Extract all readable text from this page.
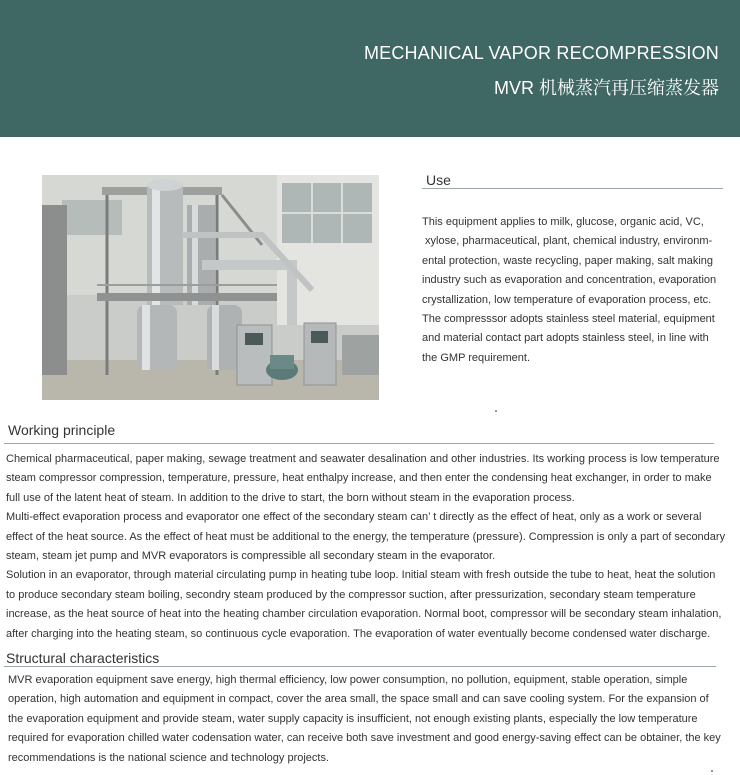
MECHANICAL VAPOR RECOMPRESSION
MVR 机械蒸汽再压缩蒸发器
Use
This equipment applies to milk, glucose, organic acid, VC,
xylose, pharmaceutical, plant, chemical industry, environm-
ental protection, waste recycling, paper making, salt making
industry such as evaporation and concentration, evaporation
crystallization, low temperature of evaporation process, etc.
The compresssor adopts stainless steel material, equipment
and material contact part adopts stainless steel, in line with
the GMP requirement.
Working principle
Chemical pharmaceutical, paper making, sewage treatment and seawater desalination and other industries. Its working process is low temperature
steam compressor compression, temperature, pressure, heat enthalpy increase, and then enter the condensing heat exchanger, in order to make
full use of the latent heat of steam. In addition to the drive to start, the born without steam in the evaporation process.
Multi-effect evaporation process and evaporator one effect of the secondary steam can’ t directly as the effect of heat, only as a work or several
effect of the heat source. As the effect of heat must be additional to the energy, the temperature (pressure). Compression is only a part of secondary
steam, steam jet pump and MVR evaporators is compressible all secondary steam in the evaporator.
Solution in an evaporator, through material circulating pump in heating tube loop. Initial steam with fresh outside the tube to heat, heat the solution
to produce secondary steam boiling, secondry steam produced by the compressor suction, after pressurization, secondary steam temperature
increase, as the heat source of heat into the heating chamber circulation evaporation. Normal boot, compressor will be secondary steam inhalation,
after charging into the heating steam, so continuous cycle evaporation. The evaporation of water eventually become condensed water discharge.
Structural characteristics
MVR evaporation equipment save energy, high thermal efficiency, low power consumption, no pollution, equipment, stable operation, simple
operation, high automation and equipment in compact, cover the area small, the space small and can save cooling system. For the expansion of
the evaporation equipment and provide steam, water supply capacity is insufficient, not enough existing plants, especially the low temperature
required for evaporation chilled water codensation water, can receive both save investment and good energy-saving effect can be obtainer, the key
recommendations is the national science and technology projects.
